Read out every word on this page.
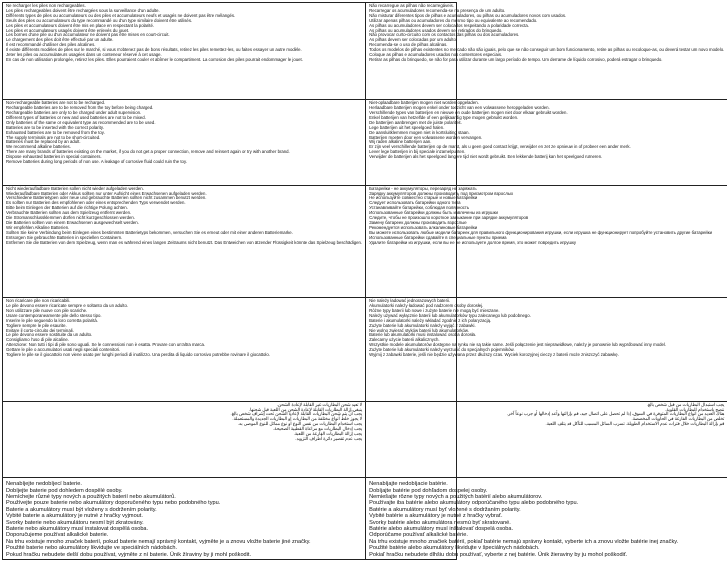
Ne recharger les piles non rechargeables.
Les piles rechargeables doivent être rechargées sous la surveillance d'un adulte.
Différents types de piles ou accumulateurs ou des piles et accumulateurs neufs et usagés ne doivent pas être mélangés.
Seuls des piles ou accumulateurs du type recommandé ou d'un type similaire doivent être utilisés.
Les piles et accumulateurs doivent être mis en place en respectant la polarité.
Les piles et accumulateurs usagés doivent être enlevés du jouet.
Les bornes d'une pile ou d'un accumulateur ne doivent pas être mises en court-circuit.
Le chargement des piles doit être effectué par un adulte.
Il est recommandé d'utiliser des piles alcalines.
Il existe différents modèles de piles sur le marché, si vous n'obtenez pas de bons résultats, retirez les piles remettez-les, ou faites essayer un autre modèle.
Jeter les piles ou accumulateurs usagées dans un conteneur réservé à cet usage.
En cas de non utilisation prolongée, retirez les piles. Elles pourraient couler et abîmer le compartiment. La corrosion des piles pourrait endommager le jouet.
Não recarregue as pilhas não recarregáveis.
Recarregar os acumuladores recomenda-se na presença de um adulto.
Não misturar diferentes tipos de pilhas e acumuladores, ou pilhas ou acumuladores novos com usados.
Utilizar apenas pilhas ou acumuladores do mesmo tipo ou equivalente ao recomendado.
As pilhas ou acumuladores devem ser colocados respeitando a polaridade correcta.
As pilhas ou acumuladores usados devem ser retirados do brinquedo.
Não provocar curto-circuito com os contactos das pilhas ou dos acumuladores.
As pilhas devem ser colocadas por um adulto.
Recomenda-se o uso de pilhas alcalinas.
Todos os modelos de pilhas existentes no mercado não são iguais, pelo que se não conseguir um bom funcionamento, retire as pilhas ou recoloque-as, ou deverá testar um novo modelo.
Coloque as pilhas e acumuladores usados nos contentores especiais.
Retirar as pilhas do brinquedo, se não for para utilizar durante um largo período de tempo. Um derrame de líquido corrosivo, poderá estragar o brinquedo.
Non-rechargeable batteries are not to be recharged.
Rechargeable batteries are to be removed from the toy before being charged.
Rechargeable batteries are only to be charged under adult supervision.
Different types of batteries or new and used batteries are not to be mixed.
Only batteries of the same or equivalent type as recommended are to be used.
Batteries are to be inserted with the correct polarity.
Exhausted batteries are to be removed from the toy.
The supply terminals are not to be short-circuited.
Batteries must be replaced by an adult.
We recommend alkaline batteries.
There are many brands of batteries existing on the market, if you do not get a proper connection, remove and reinsert again or try with another brand.
Dispose exhausted batteries in special containers.
Remove batteries during long periods of non use. A leakage of corrosive fluid could ruin the toy.
Niet-oplaadbare batterijen mogen niet worden opgeladen.
Herlaadbare batterijen mogen enkel onder toezicht van een volwassene heropgeladen worden.
Verschillende types van batterijen en nieuwe en oude batterijen mogen niet door elkaar gebruikt worden.
Enkel batterijen van hetzelfde of een gelijkaardig type mogen gebruikt worden.
De batterijen aanbrengen met de juiste polariteit.
Lege batterijen uit het speelgoed halen.
De aansluitklemmen mogen niet in kortsluiting staan.
Batterijen moeten door een volwassene worden vervangen.
Wij raden alkaline batterijen aan.
Er zijn veel verschillende batterijen op de markt, als u geen goed contact krijgt, verwijder en zet ze opnieuw in of probeer een ander merk.
Lever lege batterijen in bij speciale inzamelpunten.
Verwijder de batterijen als het speelgoed langere tijd niet wordt gebruikt. Een lekkende batterij kan het speelgoed ruïneren.
Nicht wiederaufladbare Batterien sollen nicht wieder aufgeladen werden.
Wiederaufladbare Batterien oder Akkus sollten nur unter Aufsicht eines Erwachsenen aufgeladen werden.
Verschiedene Batterietypen oder neue und gebrauchte Batterien sollten nicht zusammen benutzt werden.
Es sollten nur Batterien des empfohlenen oder eines entsprechenden Typs verwendet werden.
Bitte beim Einlegen der Batterien auf die richtige Polung achten.
Verbrauchte Batterien sollten aus dem Spielzeug entfernt werden.
Die Stromanschlussklemmen dürfen nicht kurzgeschlossen werden.
Die Batterien sollten von einem Erwachsenen ausgewechselt werden.
Wir empfehlen Alkaline Batterien.
Sollten Sie keine Verbindung beim Einlegen eines bestimmten Batterietyps bekommen, versuchen Sie es erneut oder mit einer anderen Batteriemarke.
Entsorgen Sie gebrauchte Batterien in speziellen Containern.
Entfernen Sie die Batterien von dem Spielzeug, wenn man es während eines langen Zeitraums nicht benutzt. Das Entweichen von ätzender Flüssigkeit könnte das Spielzeug beschädigen.
Батарейки - не аккумуляторы, перезаряд не заряжать
Зарядку аккумуляторов должны производить под присмотром взрослых
Не используйте совместно старые и новые батарейки
Следует использовать батарейки одного типа
Устанавливайте батарейки, соблюдая полярность
Использованные батарейки должны быть извлечены из игрушки
Следите, чтобы не произошло короткое замыкание при зарядке аккумуляторов
Замену батареек должны производить взрослые
Рекомендуется использовать алкалиновые батарейки
Вы можете использовать любые модели батареек для правильного функционирования игрушки, если игрушка не функционирует попробуйте установить другие батарейки
Использованные батарейки сдавайте в специальные пункты приема
Удалите батарейки из игрушки, если вы ее не используете долгое время, это может повредить игрушку
Non ricaricare pile non ricaricabili.
Le pile devono essere ricaricate sempre e soltanto da un adulto.
Non utilizzare pile nuove con pile scariche.
Usare contemporaneamente pile dello stesso tipo.
Inserire le pile seguendo la loro corretta polarità.
Togliere sempre le pile esaurite.
Evitare il corto-circuito dei terminali.
Le pile devono essere sostituite da un adulto.
Consigliamo l'uso di pile alcaline.
Attenzione: Non tutti i tipi di pile sono uguali. Se le connessioni non è esatta. Provare con un'altra marca.
Gettare le pile o accumulatori usati negli speciali contenitori.
Togliere le pile se il giocattolo non viene usato per lunghi periodi di inutilizzo. Una perdita di liquido corrosivo potrebbe rovinare il giocattolo.
Nie należy ładować jednorazowych baterii.
Akumulatorki należy ładować pod nadzorem osoby dorosłej.
Różne typy baterii lub nowe i zużyte baterie nie mogą być mieszane.
Należy używać wyłącznie baterii lub akumulatorków typu zalecanego lub podobnego.
Baterie i akumulatorki należy wkładać zgodnie z ich polaryzacją.
Zużyte baterie lub akumulatorki należy wyjąć z zabawki.
Nie wolno zwierać styków baterii lub akumulatorków.
Baterie lub akumulatorki musi instalować osoba dorosła.
Zalecamy użycie baterii alkalicznych.
Wszystkie modele akumulatorów dostępne na rynku nie są takie same. Jeśli połączenie jest nieprawidłowe, należy je ponownie lub wypróbować inny model.
Zużyte baterie lub akumulatorki należy wyrzucić do specjalnych pojemników.
Wyjmij z zabawki baterie, jeśli nie będzie używana przez dłuższy czas. Wyciek korozyjnej cieczy z baterii może zniszczyć zabawkę.
لا تعيد شحن البطاريات غير القابلة لإعادة الشحن.
ينبغي إزالة البطاريات القابلة لإعادة الشحن من اللعبة قبل شحنها.
يجب أن يتم شحن البطاريات القابلة لإعادة الشحن تحت إشراف شخص بالغ.
لا يجوز خلط أنواع مختلفة من البطاريات أو البطاريات الجديدة والمستعملة.
يجب استخدام البطاريات من نفس النوع أو نوع مماثل للنوع الموصى به.
يجب إدخال البطاريات مع مراعاة القطبية الصحيحة.
يجب إزالة البطاريات الفارغة من اللعبة.
يجب عدم تقصير دائرة أطراف التزويد.
يجب استبدال البطاريات من قبل شخص بالغ.
ننصح باستخدام البطاريات القلوية.
هناك العديد من أنواع البطاريات المتوفرة في السوق، إذا لم تحصل على اتصال جيد، قم بإزالتها وأعد إدخالها أو جرب نوعاً آخر.
تخلص من البطاريات الفارغة في الحاويات المخصصة.
قم بإزالة البطاريات خلال فترات عدم الاستخدام الطويلة. تسرب السائل المسبب للتآكل قد يتلف اللعبة.
Nenabíjejte nedobíjecí baterie.
Dobíjejte baterie pod dohledem dospělé osoby.
Nemíchejte různé typy nových a použitých baterií nebo akumulátorů.
Používejte pouze baterie nebo akumulátory doporučeného typu nebo podobného typu.
Baterie a akumulátory musí být vloženy s dodržením polarity.
Vybité baterie a akumulátory je nutné z hračky vyjmout.
Svorky baterie nebo akumulátoru nesmí být zkratovány.
Baterie nebo akumulátory musí instalovat dospělá osoba.
Doporučujeme používat alkalické baterie.
Na trhu existuje mnoho značek baterií, pokud baterie nemají správný kontakt, vyjměte je a znovu vložte baterie jiné značky.
Použité baterie nebo akumulátory likvidujte ve speciálních nádobách.
Pokud hračku nebudete delší dobu používat, vyjměte z ní baterie. Únik žíraviny by ji mohl poškodit.
Nenabíjajte nedobíjacie batérie.
Dobíjajte batérie pod dohľadom dospelej osoby.
Nemiešajte rôzne typy nových a použitých batérií alebo akumulátorov.
Používajte iba batérie alebo akumulátory odporúčaného typu alebo podobného typu.
Batérie a akumulátory musí byť vložené s dodržaním polarity.
Vybité batérie a akumulátory je nutné z hračky vybrať.
Svorky batérie alebo akumulátora nesmú byť skratované.
Batérie alebo akumulátory musí inštalovať dospelá osoba.
Odporúčame používať alkalické batérie.
Na trhu existuje mnoho značiek batérií, pokiaľ batérie nemajú správny kontakt, vyberte ich a znovu vložte batérie inej značky.
Použité batérie alebo akumulátory likvidujte v špeciálnych nádobách.
Pokiaľ hračku nebudete dlhšiu dobu používať, vyberte z nej batérie. Únik žieraviny by ju mohol poškodiť.
